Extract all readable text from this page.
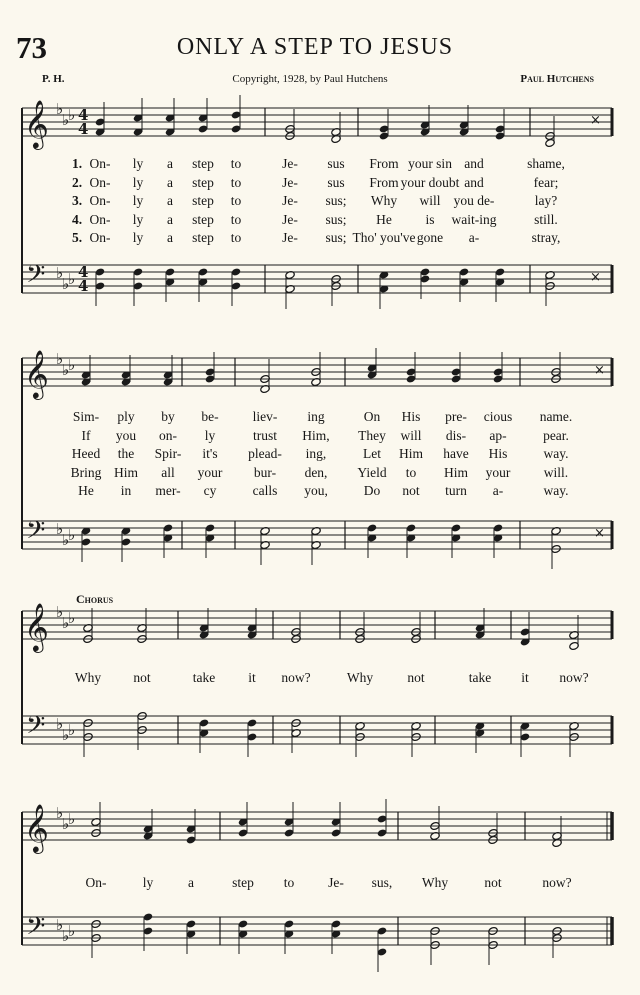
73	ONLY A STEP TO JESUS
P. H.	Copyright, 1928, by Paul Hutchens	Paul Hutchens
Chorus
𝄞
𝄢
♭
♭
♭
♭
♭
♭
4
4
4
4
×
×
𝄞
𝄢
♭
♭
♭
♭
♭
♭
×
×
𝄞
𝄢
♭
♭
♭
♭
♭
♭
𝄞
𝄢
♭
♭
♭
♭
♭
♭
1. On- ly a step to	Je- sus From your sin and	shame,
2. On- ly a step to	Je- sus From your doubt and	fear;
3. On- ly a step to	Je- sus; Why will you de-	lay?
4. On- ly a step to	Je- sus; He is wait-ing	still.
5. On- ly a step to	Je- sus; Tho' you've gone a-	stray,
Sim- ply by be-	liev- ing	On His pre- cious name.
If you on- ly	trust Him, They will dis- ap-	pear.
Heed the Spir- it's plead- ing,	Let Him have His	way.
Bring Him all your bur- den, Yield to Him your will.
He in mer- cy	calls you,	Do not turn a-	way.
Why not	take it now?	Why	not	take it now?
On-	ly	a	step to	Je- sus, Why	not	now?
